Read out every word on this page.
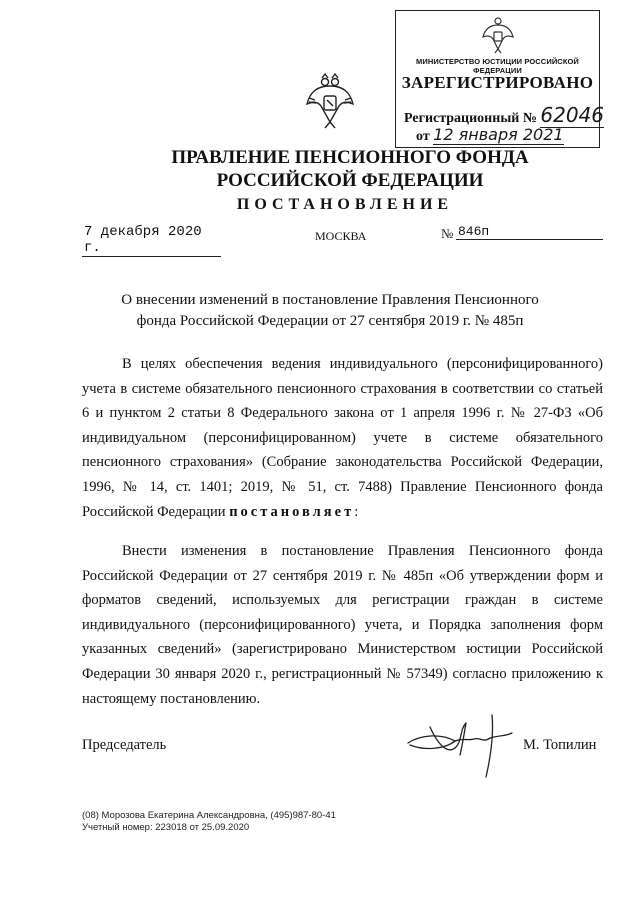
МИНИСТЕРСТВО ЮСТИЦИИ РОССИЙСКОЙ ФЕДЕРАЦИИ
ЗАРЕГИСТРИРОВАНО
Регистрационный № 62046
от 12 января 2021
ПРАВЛЕНИЕ ПЕНСИОННОГО ФОНДА
РОССИЙСКОЙ ФЕДЕРАЦИИ
ПОСТАНОВЛЕНИЕ
7 декабря 2020 г.
МОСКВА	№ 846п
О внесении изменений в постановление Правления Пенсионного фонда Российской Федерации от 27 сентября 2019 г. № 485п
В целях обеспечения ведения индивидуального (персонифицированного) учета в системе обязательного пенсионного страхования в соответствии со статьей 6 и пунктом 2 статьи 8 Федерального закона от 1 апреля 1996 г. № 27-ФЗ «Об индивидуальном (персонифицированном) учете в системе обязательного пенсионного страхования» (Собрание законодательства Российской Федерации, 1996, № 14, ст. 1401; 2019, № 51, ст. 7488) Правление Пенсионного фонда Российской Федерации постановляет:
Внести изменения в постановление Правления Пенсионного фонда Российской Федерации от 27 сентября 2019 г. № 485п «Об утверждении форм и форматов сведений, используемых для регистрации граждан в системе индивидуального (персонифицированного) учета, и Порядка заполнения форм указанных сведений» (зарегистрировано Министерством юстиции Российской Федерации 30 января 2020 г., регистрационный № 57349) согласно приложению к настоящему постановлению.
Председатель	М. Топилин
(08) Морозова Екатерина Александровна, (495)987-80-41
Учетный номер: 223018 от 25.09.2020
